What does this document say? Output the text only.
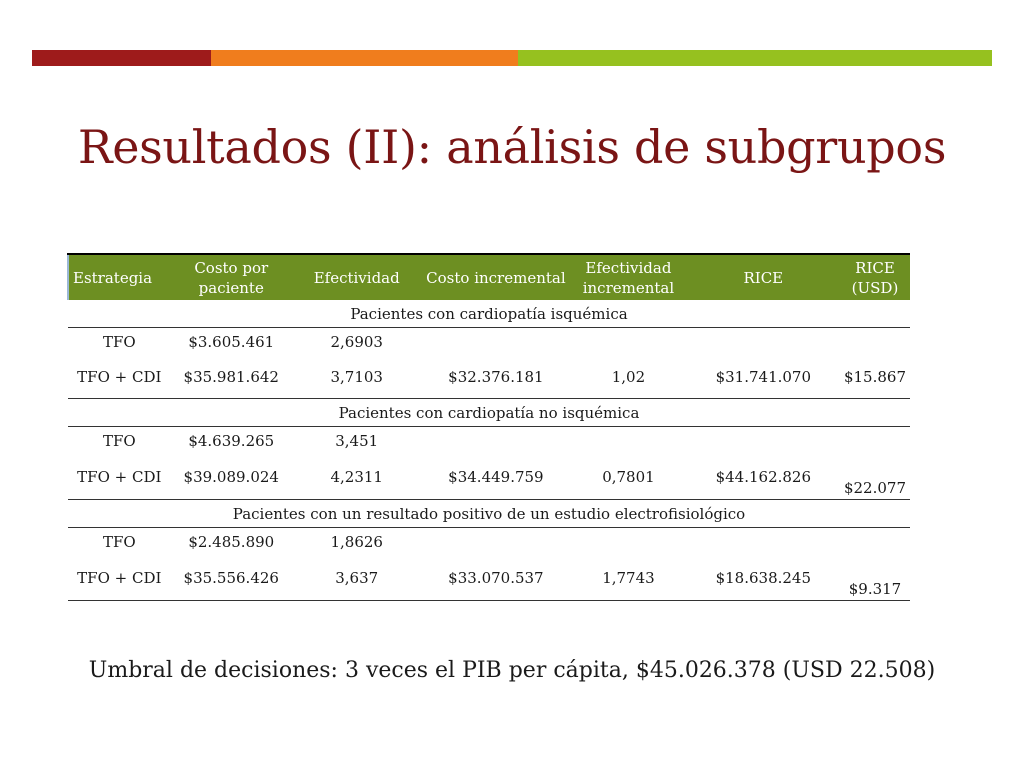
Resultados (II): análisis de subgrupos
Estrategia	Costo por paciente	Efectividad	Costo incremental	Efectividad incremental	RICE	RICE (USD)
Pacientes con cardiopatía isquémica						
TFO	$3.605.461	2,6903				
TFO + CDI	$35.981.642	3,7103	$32.376.181	1,02	$31.741.070	$15.867
Pacientes con cardiopatía no isquémica						
TFO	$4.639.265	3,451				
TFO + CDI	$39.089.024	4,2311	$34.449.759	0,7801	$44.162.826	$22.077
Pacientes con un resultado positivo de un estudio electrofisiológico						
TFO	$2.485.890	1,8626				
TFO + CDI	$35.556.426	3,637	$33.070.537	1,7743	$18.638.245	$9.317
Umbral de decisiones: 3 veces el PIB per cápita, $45.026.378 (USD 22.508)
